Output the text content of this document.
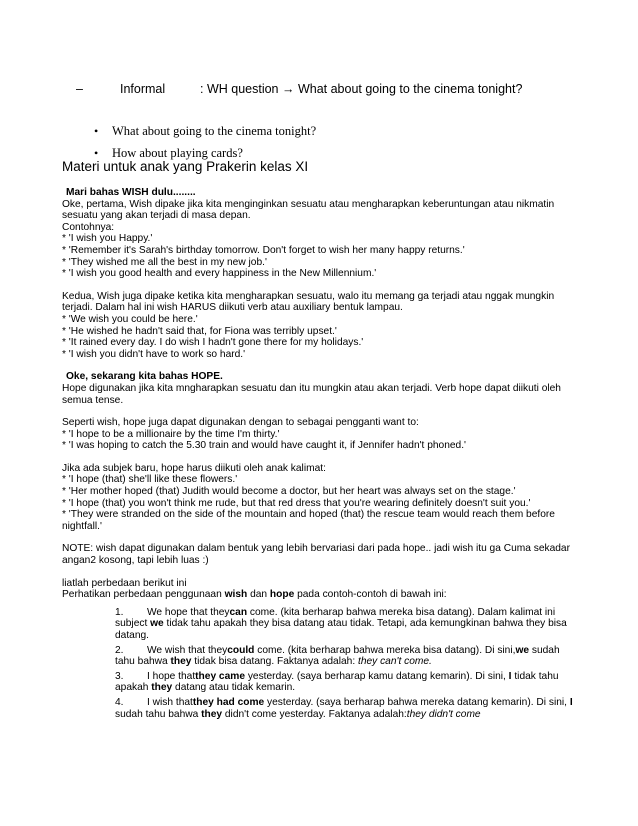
–	Informal	: WH question → What about going to the cinema tonight?
• What about going to the cinema tonight?
• How about playing cards?
Materi untuk anak yang Prakerin kelas XI

Mari bahas WISH dulu........

Oke, pertama, Wish dipake jika kita menginginkan sesuatu atau mengharapkan keberuntungan atau nikmatin sesuatu yang akan terjadi di masa depan.

Contohnya:

* 'I wish you Happy.'

* 'Remember it's Sarah's birthday tomorrow. Don't forget to wish her many happy returns.'

* 'They wished me all the best in my new job.'

* 'I wish you good health and every happiness in the New Millennium.'

Kedua, Wish juga dipake ketika kita mengharapkan sesuatu, walo itu memang ga terjadi atau nggak mungkin terjadi. Dalam hal ini wish HARUS diikuti verb atau auxiliary bentuk lampau.

* 'We wish you could be here.'

* 'He wished he hadn't said that, for Fiona was terribly upset.'

* 'It rained every day. I do wish I hadn't gone there for my holidays.'

* 'I wish you didn't have to work so hard.'

Oke, sekarang kita bahas HOPE.

Hope digunakan jika kita mngharapkan sesuatu dan itu mungkin atau akan terjadi. Verb hope dapat diikuti oleh semua tense.

Seperti wish, hope juga dapat digunakan dengan to sebagai pengganti want to:

* 'I hope to be a millionaire by the time I'm thirty.'

* 'I was hoping to catch the 5.30 train and would have caught it, if Jennifer hadn't phoned.'

Jika ada subjek baru, hope harus diikuti oleh anak kalimat:

* 'I hope (that) she'll like these flowers.'

* 'Her mother hoped (that) Judith would become a doctor, but her heart was always set on the stage.'

* 'I hope (that) you won't think me rude, but that red dress that you're wearing definitely doesn't suit you.'

* 'They were stranded on the side of the mountain and hoped (that) the rescue team would reach them before nightfall.'

NOTE: wish dapat digunakan dalam bentuk yang lebih bervariasi dari pada hope.. jadi wish itu ga Cuma sekadar angan2 kosong, tapi lebih luas :)

liatlah perbedaan berikut ini

Perhatikan perbedaan penggunaan wish dan hope pada contoh-contoh di bawah ini:

1. We hope that theycan come. (kita berharap bahwa mereka bisa datang). Dalam kalimat ini subject we tidak tahu apakah they bisa datang atau tidak. Tetapi, ada kemungkinan bahwa they bisa datang.
2. We wish that theycould come. (kita berharap bahwa mereka bisa datang). Di sini,we sudah tahu bahwa they tidak bisa datang. Faktanya adalah: they can't come.
3. I hope thatthey came yesterday. (saya berharap kamu datang kemarin). Di sini, I tidak tahu apakah they datang atau tidak kemarin.
4. I wish thatthey had come yesterday. (saya berharap bahwa mereka datang kemarin). Di sini, I sudah tahu bahwa they didn't come yesterday. Faktanya adalah:they didn't come
